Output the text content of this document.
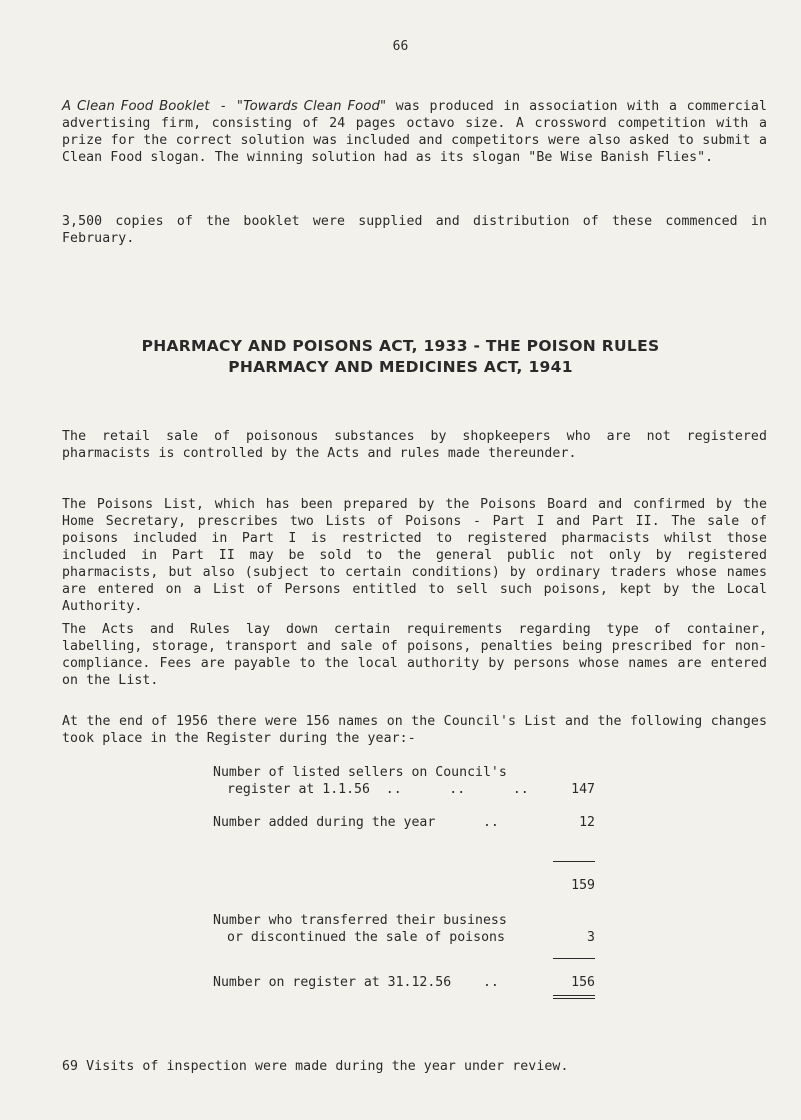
66
A Clean Food Booklet - "Towards Clean Food" was produced in association with a commercial advertising firm, consisting of 24 pages octavo size. A crossword competition with a prize for the correct solution was included and competitors were also asked to submit a Clean Food slogan. The winning solution had as its slogan "Be Wise Banish Flies".
3,500 copies of the booklet were supplied and distribution of these commenced in February.
PHARMACY AND POISONS ACT, 1933 - THE POISON RULES
PHARMACY AND MEDICINES ACT, 1941
The retail sale of poisonous substances by shopkeepers who are not registered pharmacists is controlled by the Acts and rules made thereunder.
The Poisons List, which has been prepared by the Poisons Board and confirmed by the Home Secretary, prescribes two Lists of Poisons - Part I and Part II. The sale of poisons included in Part I is restricted to registered pharmacists whilst those included in Part II may be sold to the general public not only by registered pharmacists, but also (subject to certain conditions) by ordinary traders whose names are entered on a List of Persons entitled to sell such poisons, kept by the Local Authority.
The Acts and Rules lay down certain requirements regarding type of container, labelling, storage, transport and sale of poisons, penalties being prescribed for non-compliance. Fees are payable to the local authority by persons whose names are entered on the List.
At the end of 1956 there were 156 names on the Council's List and the following changes took place in the Register during the year:-
Number of listed sellers on Council's
register at 1.1.56  ..      ..      ..	147
Number added during the year      ..	12
159
Number who transferred their business
or discontinued the sale of poisons	3
Number on register at 31.12.56    ..	156
69 Visits of inspection were made during the year under review.
